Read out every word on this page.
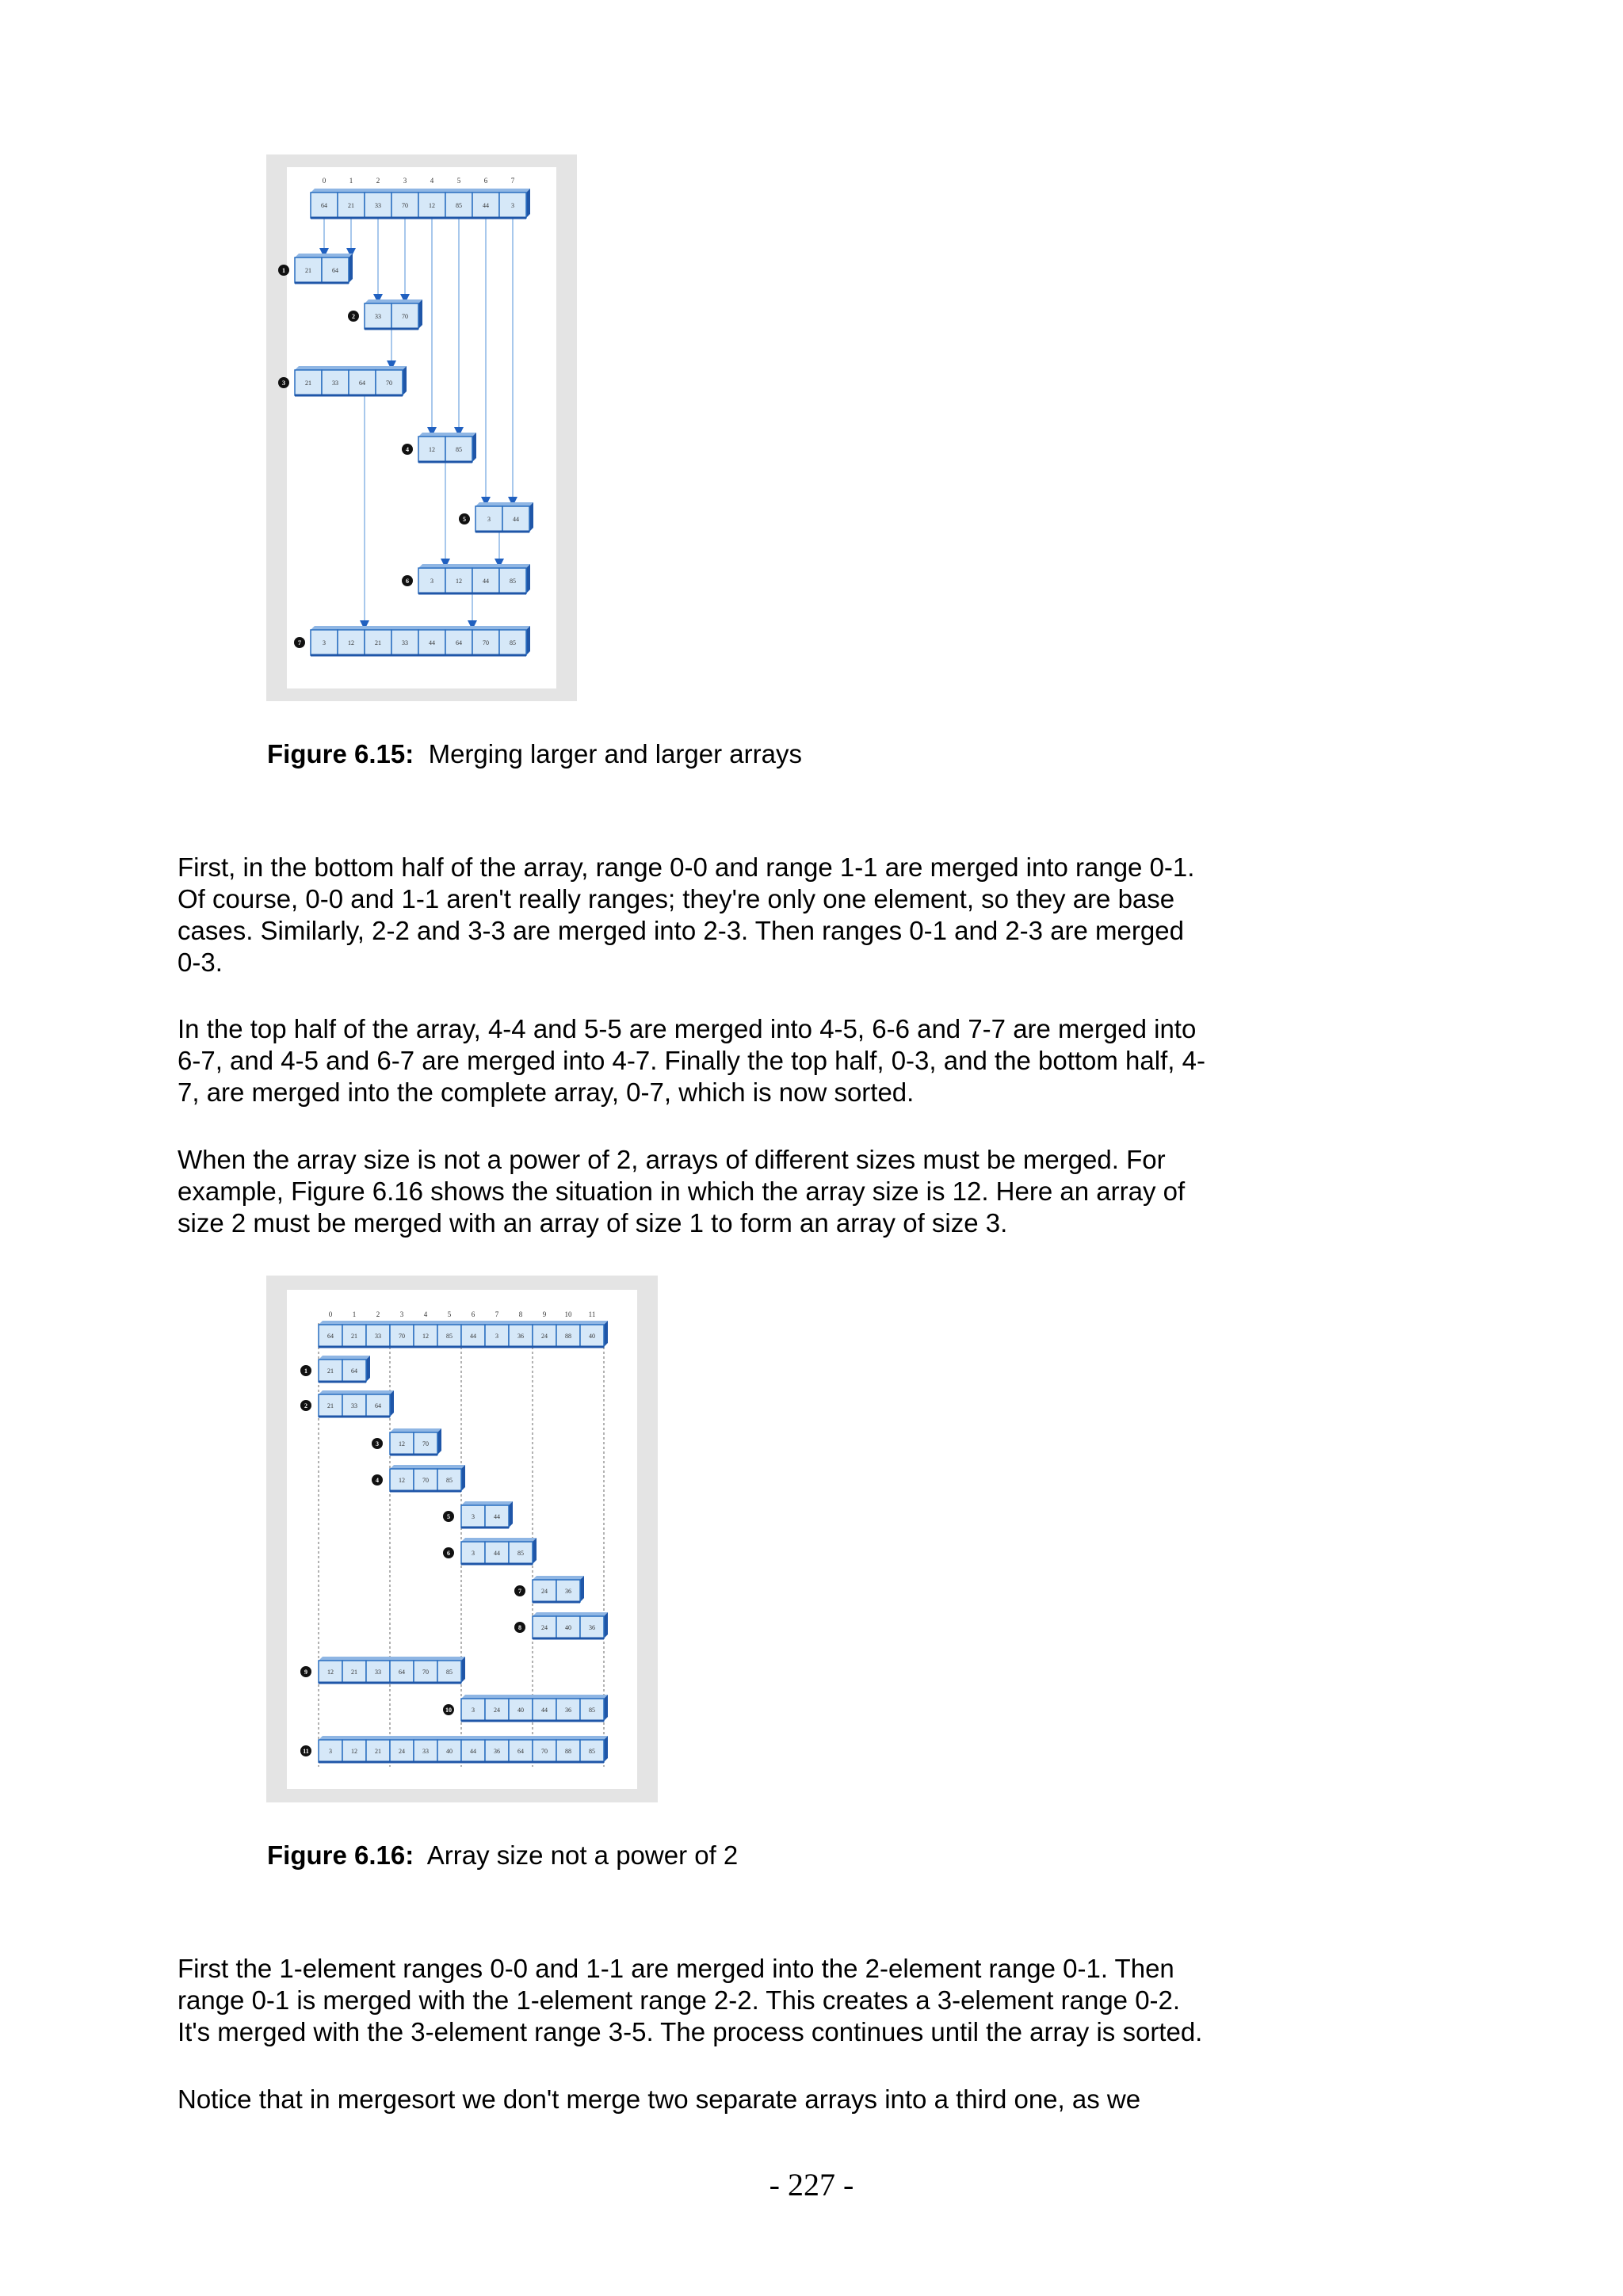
0	1	2	3	4	5	6	7
64	21	33	70	12	85	44	3
21	64
1
33	70
2
21	33	64	70
3
12	85
4
3	44
5
3	12	44	85
6
3	12	21	33	44	64	70	85
7
Figure 6.15: Merging larger and larger arrays
First, in the bottom half of the array, range 0-0 and range 1-1 are merged into range 0-1.
Of course, 0-0 and 1-1 aren't really ranges; they're only one element, so they are base
cases. Similarly, 2-2 and 3-3 are merged into 2-3. Then ranges 0-1 and 2-3 are merged
0-3.
In the top half of the array, 4-4 and 5-5 are merged into 4-5, 6-6 and 7-7 are merged into
6-7, and 4-5 and 6-7 are merged into 4-7. Finally the top half, 0-3, and the bottom half, 4-
7, are merged into the complete array, 0-7, which is now sorted.
When the array size is not a power of 2, arrays of different sizes must be merged. For
example, Figure 6.16 shows the situation in which the array size is 12. Here an array of
size 2 must be merged with an array of size 1 to form an array of size 3.
0	1	2	3	4	5	6	7	8	9	10 11
64	21	33	70	12	85	44	3	36	24	88	40
21	64
1
21	33	64
2
12	70
3
12	70	85
4
3	44
5
3	44	85
6
24	36
7
24	40	36
8
12	21	33	64	70	85
9
3	24	40	44	36	85
10
3	12	21	24	33	40	44	36	64	70	88	85
11
Figure 6.16: Array size not a power of 2
First the 1-element ranges 0-0 and 1-1 are merged into the 2-element range 0-1. Then
range 0-1 is merged with the 1-element range 2-2. This creates a 3-element range 0-2.
It's merged with the 3-element range 3-5. The process continues until the array is sorted.
Notice that in mergesort we don't merge two separate arrays into a third one, as we
- 227 -
